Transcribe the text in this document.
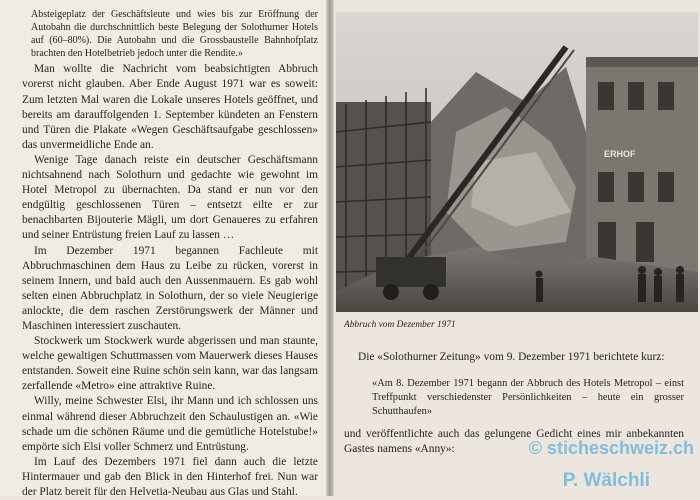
Absteigeplatz der Geschäftsleute und wies bis zur Eröffnung der Autobahn die durchschnittlich beste Belegung der Solothurner Hotels auf (60–80%). Die Autobahn und die Grossbaustelle Bahnhofplatz brachten den Hotelbetrieb jedoch unter die Rendite.»

Man wollte die Nachricht vom beabsichtigten Abbruch vorerst nicht glauben. Aber Ende August 1971 war es soweit: Zum letzten Mal waren die Lokale unseres Hotels geöffnet, und bereits am darauffolgenden 1. September kündeten an Fenstern und Türen die Plakate «Wegen Geschäftsaufgabe geschlossen» das unvermeidliche Ende an.

Wenige Tage danach reiste ein deutscher Geschäftsmann nichtsahnend nach Solothurn und gedachte wie gewohnt im Hotel Metropol zu übernachten. Da stand er nun vor den endgültig geschlossenen Türen – entsetzt eilte er zur benachbarten Bijouterie Mägli, um dort Genaueres zu erfahren und seiner Entrüstung freien Lauf zu lassen …

Im Dezember 1971 begannen Fachleute mit Abbruchmaschinen dem Haus zu Leibe zu rücken, vorerst in seinem Innern, und bald auch den Aussenmauern. Es gab wohl selten einen Abbruchplatz in Solothurn, der so viele Neugierige anlockte, die dem raschen Zerstörungswerk der Männer und Maschinen interessiert zuschauten.

Stockwerk um Stockwerk wurde abgerissen und man staunte, welche gewaltigen Schuttmassen vom Mauerwerk dieses Hauses entstanden. Soweit eine Ruine schön sein kann, war das langsam zerfallende «Metro» eine attraktive Ruine.

Willy, meine Schwester Elsi, ihr Mann und ich schlossen uns einmal während dieser Abbruchzeit den Schaulustigen an. «Wie schade um die schönen Räume und die gemütliche Hotelstube!» empörte sich Elsi voller Schmerz und Entrüstung.

Im Lauf des Dezembers 1971 fiel dann auch die letzte Hintermauer und gab den Blick in den Hinterhof frei. Nun war der Platz bereit für den Helvetia-Neubau aus Glas und Stahl.

ERHOF
Abbruch vom Dezember 1971

Die «Solothurner Zeitung» vom 9. Dezember 1971 berichtete kurz:

«Am 8. Dezember 1971 begann der Abbruch des Hotels Metropol – einst Treffpunkt verschiedenster Persönlichkeiten – heute ein grosser Schutthaufen»

und veröffentlichte auch das gelungene Gedicht eines mir anbekannten Gastes namens «Anny»:	© sticheschweiz.ch
P. Wälchli
